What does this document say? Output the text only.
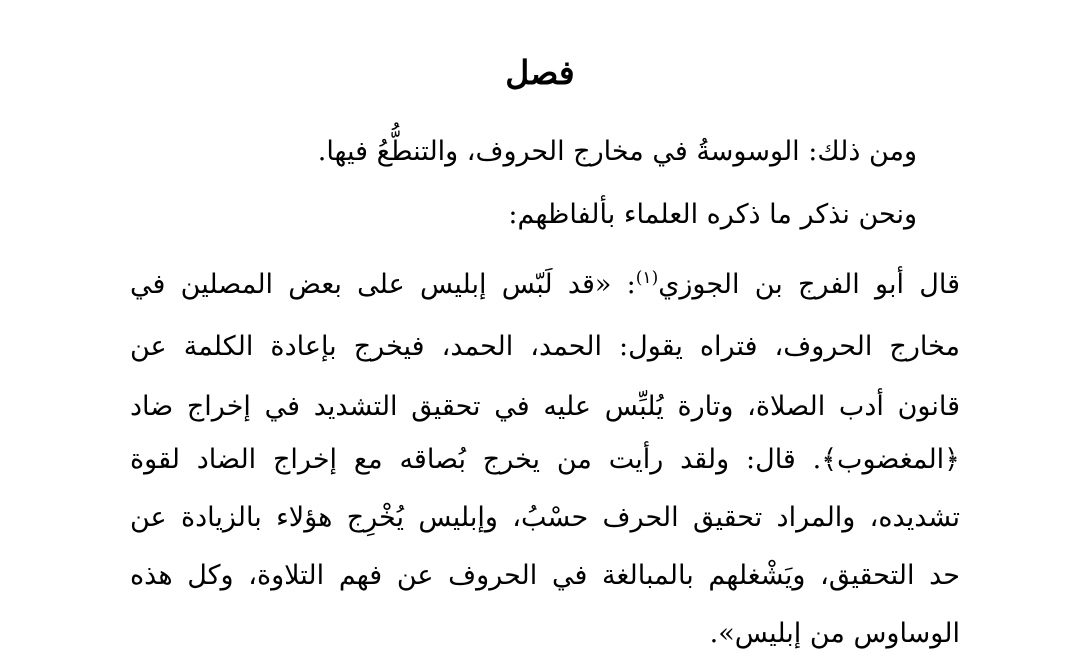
فصل
ومن ذلك: الوسوسةُ في مخارج الحروف، والتنطُّعُ فيها.
ونحن نذكر ما ذكره العلماء بألفاظهم:
قال أبو الفرج بن الجوزي$^{(١)}$: «قد لَبّس إبليس على بعض المصلين في
مخارج الحروف، فتراه يقول: الحمد، الحمد، فيخرج بإعادة الكلمة عن
قانون أدب الصلاة، وتارة يُلبِّس عليه في تحقيق التشديد في إخراج ضاد
﴿المغضوب﴾. قال: ولقد رأيت من يخرج بُصاقه مع إخراج الضاد لقوة
تشديده، والمراد تحقيق الحرف حسْبُ، وإبليس يُخْرِج هؤلاء بالزيادة عن
حد التحقيق، ويَشْغلهم بالمبالغة في الحروف عن فهم التلاوة، وكل هذه
الوساوس من إبليس».
